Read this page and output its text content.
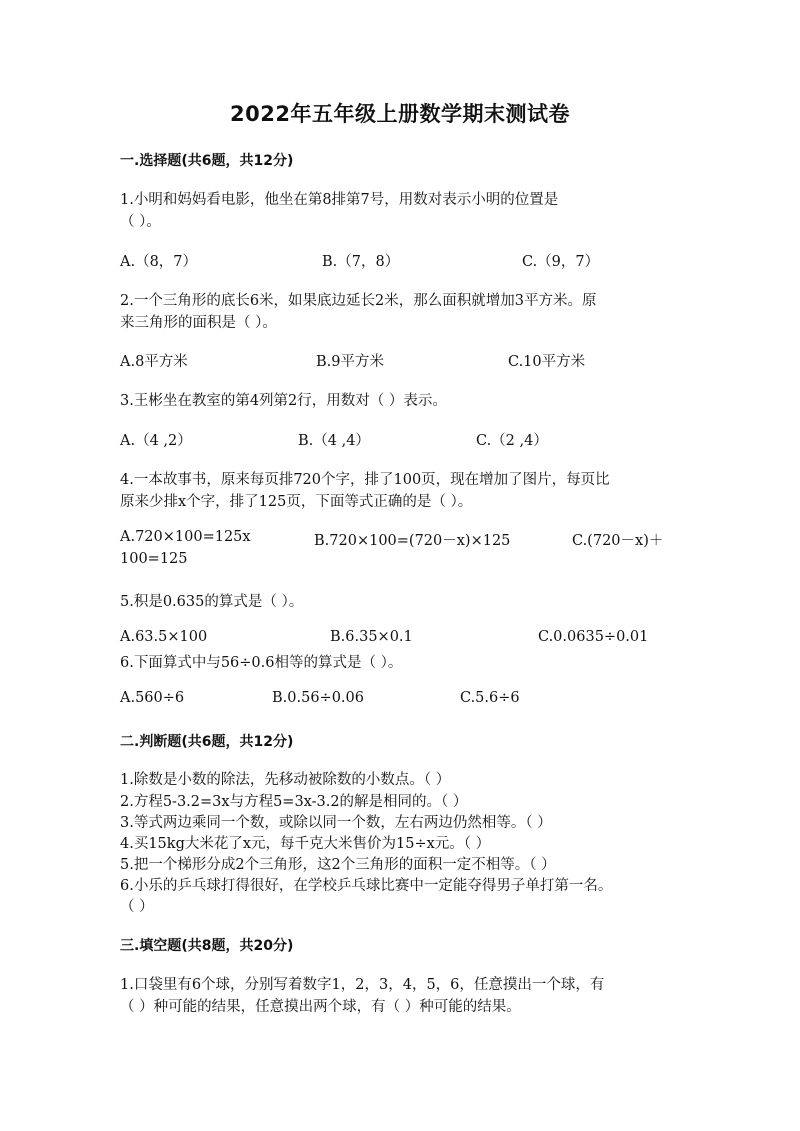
2022年五年级上册数学期末测试卷
一.选择题(共6题，共12分)
1.小明和妈妈看电影，他坐在第8排第7号，用数对表示小明的位置是
（ ）。
A.（8，7）	B.（7，8）	C.（9，7）
2.一个三角形的底长6米，如果底边延长2米，那么面积就增加3平方米。原
来三角形的面积是（ ）。
A.8平方米	B.9平方米	C.10平方米
3.王彬坐在教室的第4列第2行，用数对（ ）表示。
A.（4 ,2）	B.（4 ,4）	C.（2 ,4）
4.一本故事书，原来每页排720个字，排了100页，现在增加了图片，每页比
原来少排x个字，排了125页，下面等式正确的是（ ）。
A.720×100=125x	B.720×100=(720－x)×125	C.(720－x)＋
100=125
5.积是0.635的算式是（ ）。
A.63.5×100	B.6.35×0.1	C.0.0635÷0.01
6.下面算式中与56÷0.6相等的算式是（ ）。
A.560÷6	B.0.56÷0.06	C.5.6÷6
二.判断题(共6题，共12分)
1.除数是小数的除法，先移动被除数的小数点。（ ）
2.方程5-3.2=3x与方程5=3x-3.2的解是相同的。（ ）
3.等式两边乘同一个数，或除以同一个数，左右两边仍然相等。（ ）
4.买15kg大米花了x元，每千克大米售价为15÷x元。（ ）
5.把一个梯形分成2个三角形，这2个三角形的面积一定不相等。（ ）
6.小乐的乒乓球打得很好，在学校乒乓球比赛中一定能夺得男子单打第一名。
（ ）
三.填空题(共8题，共20分)
1.口袋里有6个球，分别写着数字1，2，3，4，5，6，任意摸出一个球，有
（ ）种可能的结果，任意摸出两个球，有（ ）种可能的结果。
